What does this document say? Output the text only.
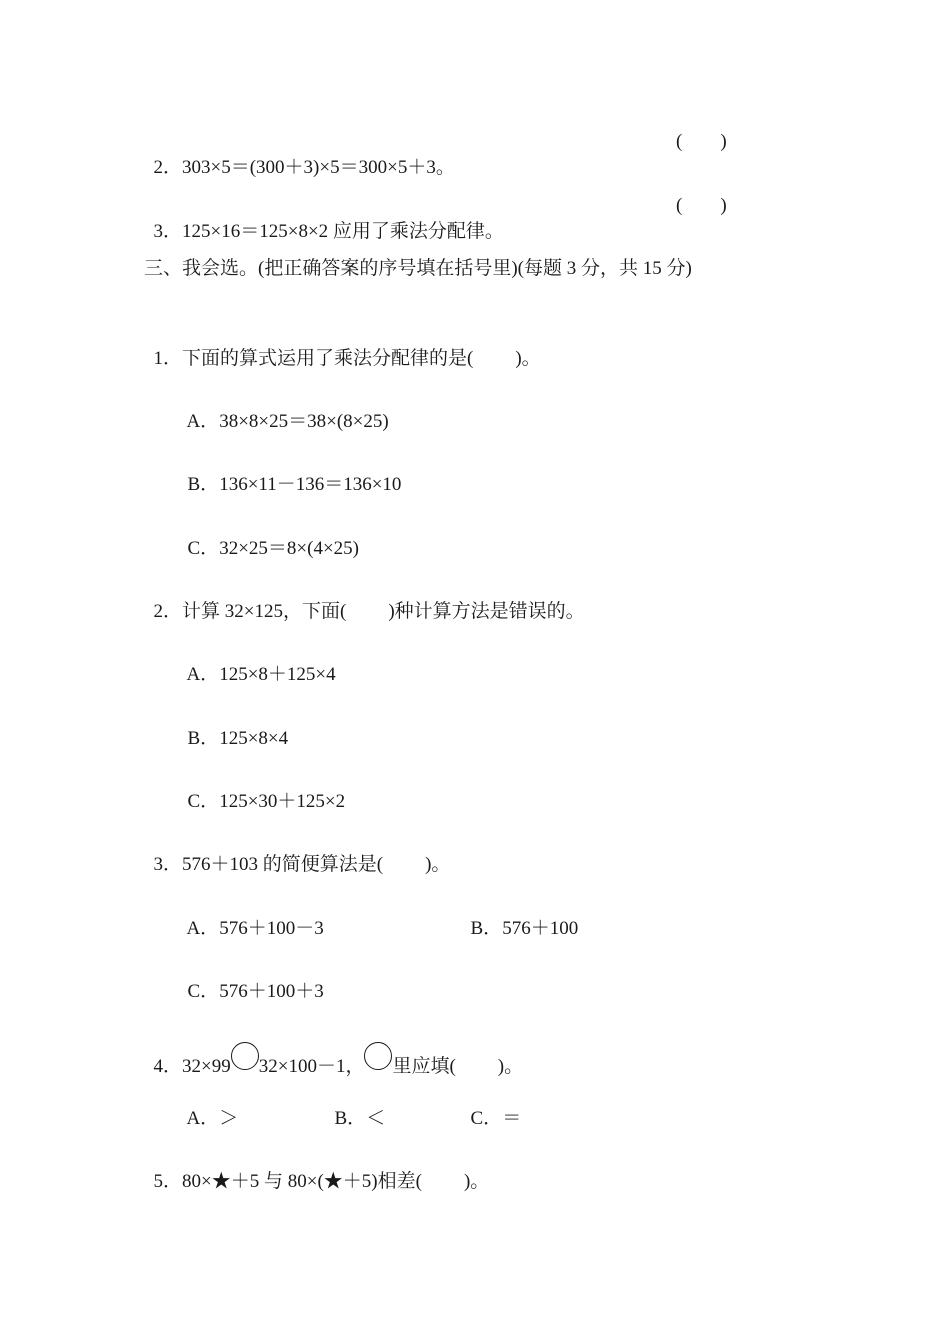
2．303×5＝(300＋3)×5＝300×5＋3。

(        )

3．125×16＝125×8×2 应用了乘法分配律。

(        )
三、我会选。(把正确答案的序号填在括号里)(每题 3 分，共 15 分)

1．下面的算式运用了乘法分配律的是( )。

A．38×8×25＝38×(8×25)

B．136×11－136＝136×10

C．32×25＝8×(4×25)

2．计算 32×125，下面( )种计算方法是错误的。

A．125×8＋125×4

B．125×8×4

C．125×30＋125×2

3．576＋103 的简便算法是( )。

A．576＋100－3	B．576＋100

C．576＋100＋3

4．32×99 32×100－1， 里应填( )。

A．＞	B．＜	C．＝

5．80×★＋5 与 80×(★＋5)相差( )。
